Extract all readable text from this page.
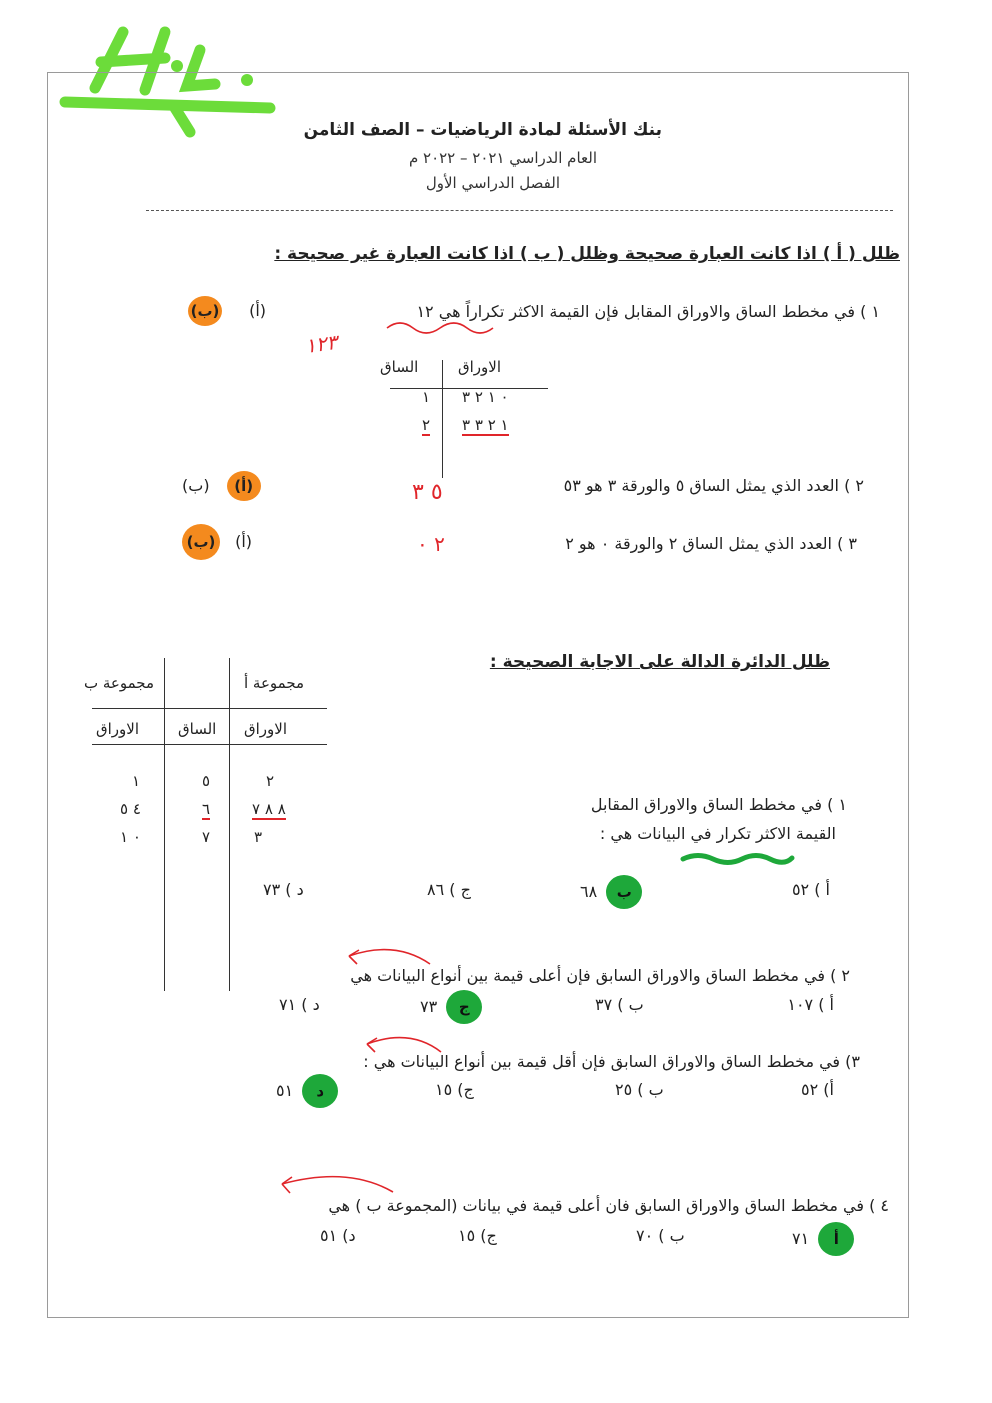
بنك الأسئلة لمادة الرياضيات – الصف الثامن
العام الدراسي ٢٠٢١ – ٢٠٢٢ م
الفصل الدراسي الأول
ظلل ( أ ) اذا كانت العبارة صحيحة وظلل ( ب ) اذا كانت العبارة غير صحيحة :
١ ) في مخطط الساق والاوراق المقابل فإن القيمة الاكثر تكراراً هي ١٢
(ب) (أ)
١٢٣
الاوراق
الساق
١ ٠ ١ ٢ ٣
٢ ١ ٢ ٣ ٣
٢ ) العدد الذي يمثل الساق ٥ والورقة ٣ هو ٥٣
٥ ٣
(ب) (أ)
٣ ) العدد الذي يمثل الساق ٢ والورقة ٠ هو ٢
٢ ٠
(ب) (أ)
ظلل الدائرة الدالة على الاجابة الصحيحة :
مجموعة أ
مجموعة ب
الاوراق
الساق
الاوراق
٢
٥
١
٨ ٨ ٧
٦
٤ ٥
٣
٧
٠ ١
١ ) في مخطط الساق والاوراق المقابل
القيمة الاكثر تكرار في البيانات هي :
أ ) ٥٢
٦٨ ب
ج ) ٨٦
د ) ٧٣
٢ ) في مخطط الساق والاوراق السابق فإن أعلى قيمة بين أنواع البيانات هي
أ ) ١٠٧
ب ) ٣٧
٧٣ ج
د ) ٧١
٣) في مخطط الساق والاوراق السابق فإن أقل قيمة بين أنواع البيانات هي :
أ) ٥٢
ب ) ٢٥
ج) ١٥
٥١ د
٤ ) في مخطط الساق والاوراق السابق فان أعلى قيمة في بيانات (المجموعة ب ) هي
٧١ أ
ب ) ٧٠
ج) ١٥
د) ٥١
